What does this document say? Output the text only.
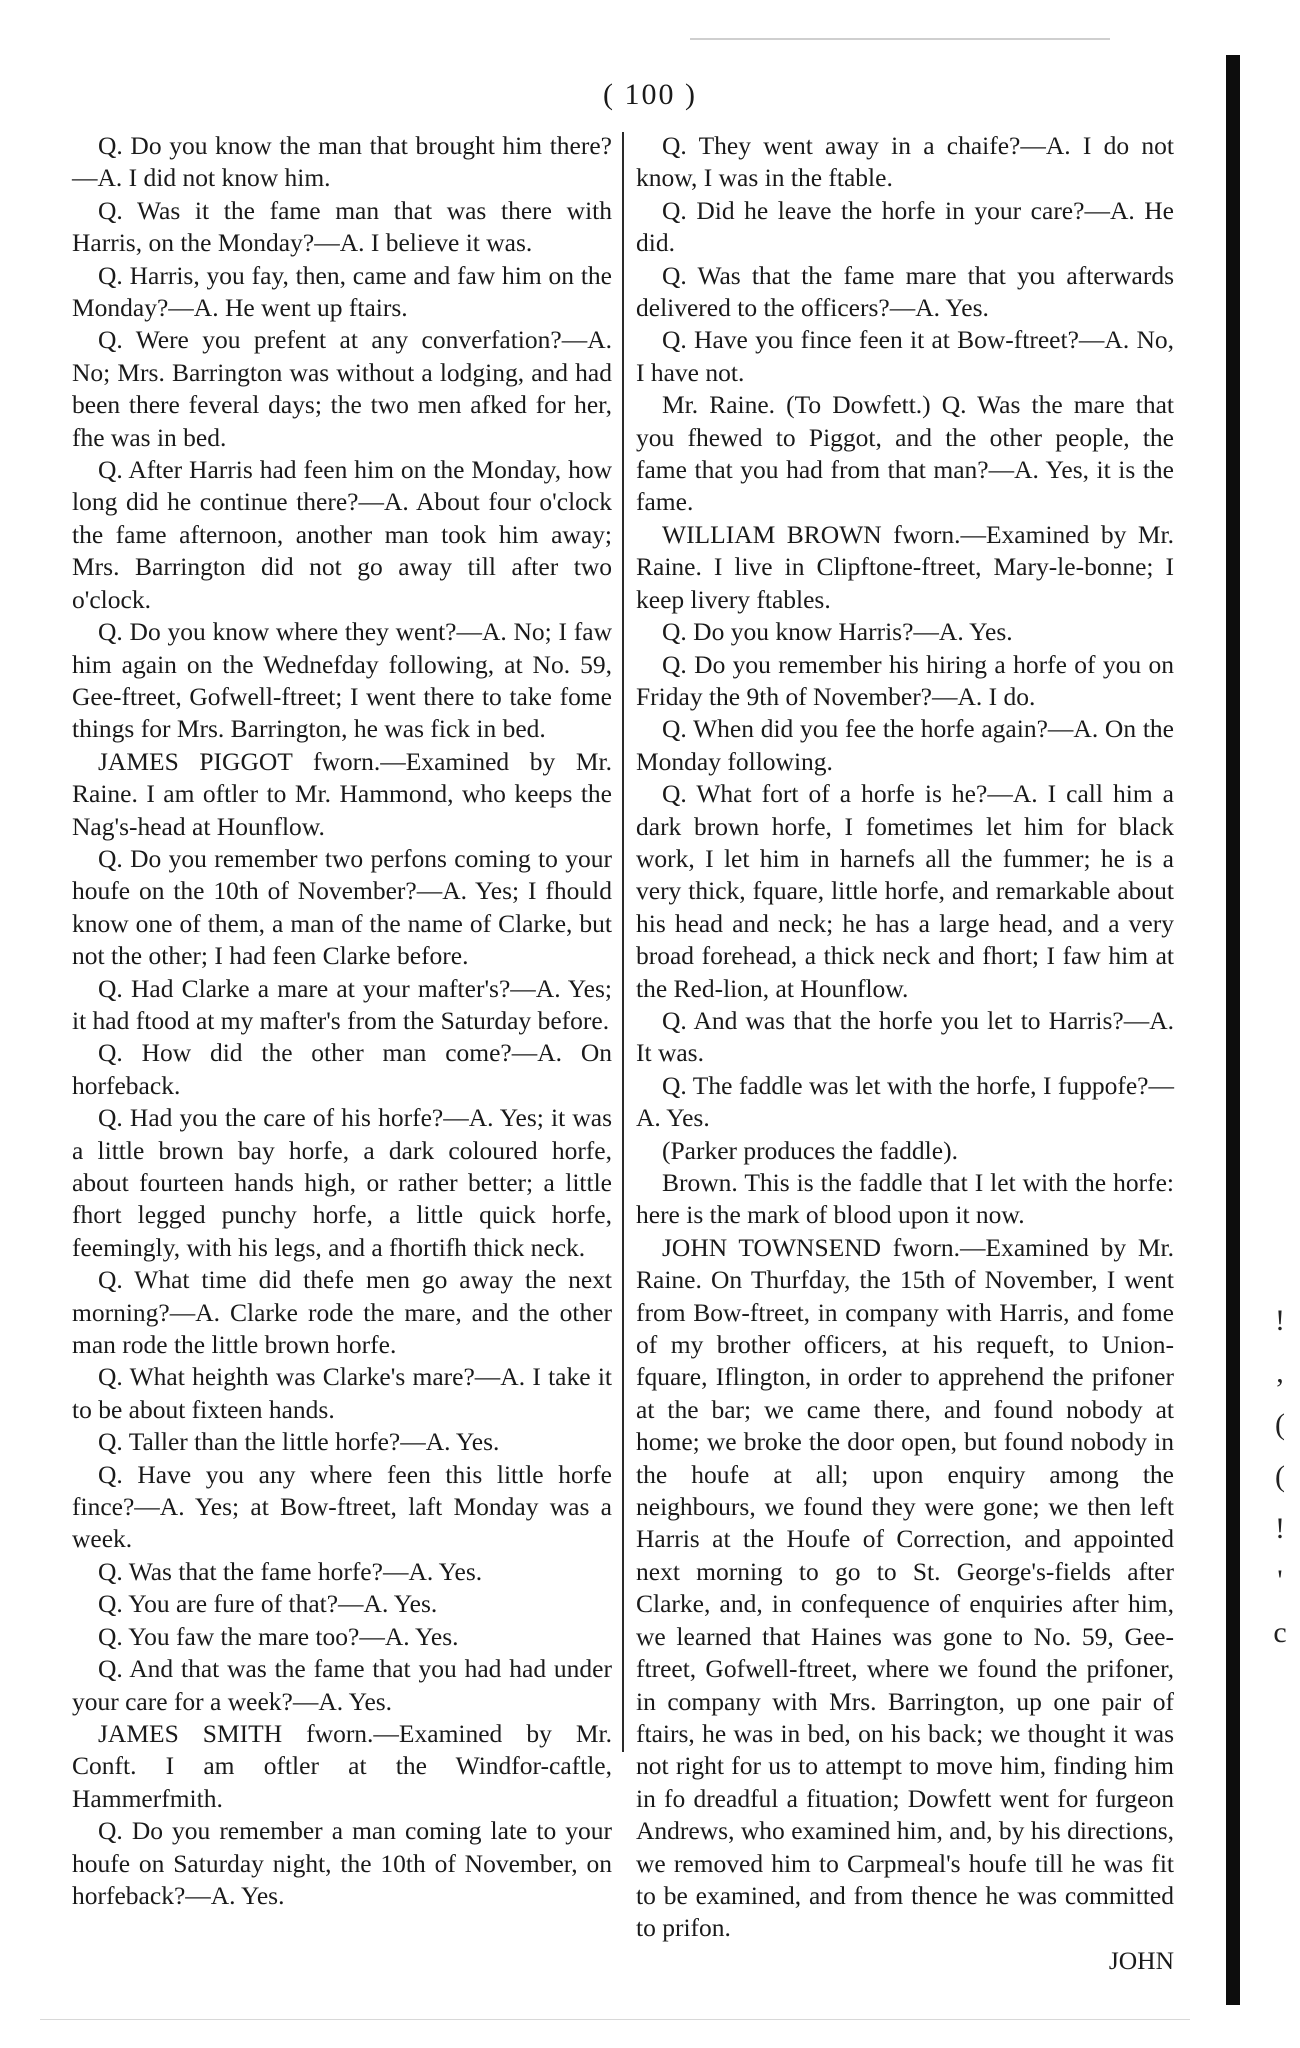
( 100 )

Q. Do you know the man that brought him there?—A. I did not know him.

Q. Was it the fame man that was there with Harris, on the Monday?—A. I believe it was.

Q. Harris, you fay, then, came and faw him on the Monday?—A. He went up ftairs.

Q. Were you prefent at any converfation?—A. No; Mrs. Barrington was without a lodging, and had been there feveral days; the two men afked for her, fhe was in bed.

Q. After Harris had feen him on the Monday, how long did he continue there?—A. About four o'clock the fame afternoon, another man took him away; Mrs. Barrington did not go away till after two o'clock.

Q. Do you know where they went?—A. No; I faw him again on the Wednefday following, at No. 59, Gee-ftreet, Gofwell-ftreet; I went there to take fome things for Mrs. Barrington, he was fick in bed.

JAMES PIGGOT fworn.—Examined by Mr. Raine. I am oftler to Mr. Hammond, who keeps the Nag's-head at Hounflow.

Q. Do you remember two perfons coming to your houfe on the 10th of November?—A. Yes; I fhould know one of them, a man of the name of Clarke, but not the other; I had feen Clarke before.

Q. Had Clarke a mare at your mafter's?—A. Yes; it had ftood at my mafter's from the Saturday before.

Q. How did the other man come?—A. On horfeback.

Q. Had you the care of his horfe?—A. Yes; it was a little brown bay horfe, a dark coloured horfe, about fourteen hands high, or rather better; a little fhort legged punchy horfe, a little quick horfe, feemingly, with his legs, and a fhortifh thick neck.

Q. What time did thefe men go away the next morning?—A. Clarke rode the mare, and the other man rode the little brown horfe.

Q. What heighth was Clarke's mare?—A. I take it to be about fixteen hands.

Q. Taller than the little horfe?—A. Yes.

Q. Have you any where feen this little horfe fince?—A. Yes; at Bow-ftreet, laft Monday was a week.

Q. Was that the fame horfe?—A. Yes.

Q. You are fure of that?—A. Yes.

Q. You faw the mare too?—A. Yes.

Q. And that was the fame that you had had under your care for a week?—A. Yes.

JAMES SMITH fworn.—Examined by Mr. Conft. I am oftler at the Windfor-caftle, Hammerfmith.

Q. Do you remember a man coming late to your houfe on Saturday night, the 10th of November, on horfeback?—A. Yes.

Q. They went away in a chaife?—A. I do not know, I was in the ftable.

Q. Did he leave the horfe in your care?—A. He did.

Q. Was that the fame mare that you afterwards delivered to the officers?—A. Yes.

Q. Have you fince feen it at Bow-ftreet?—A. No, I have not.

Mr. Raine. (To Dowfett.) Q. Was the mare that you fhewed to Piggot, and the other people, the fame that you had from that man?—A. Yes, it is the fame.

WILLIAM BROWN fworn.—Examined by Mr. Raine. I live in Clipftone-ftreet, Mary-le-bonne; I keep livery ftables.

Q. Do you know Harris?—A. Yes.

Q. Do you remember his hiring a horfe of you on Friday the 9th of November?—A. I do.

Q. When did you fee the horfe again?—A. On the Monday following.

Q. What fort of a horfe is he?—A. I call him a dark brown horfe, I fometimes let him for black work, I let him in harnefs all the fummer; he is a very thick, fquare, little horfe, and remarkable about his head and neck; he has a large head, and a very broad forehead, a thick neck and fhort; I faw him at the Red-lion, at Hounflow.

Q. And was that the horfe you let to Harris?—A. It was.

Q. The faddle was let with the horfe, I fuppofe?—A. Yes.

(Parker produces the faddle).

Brown. This is the faddle that I let with the horfe: here is the mark of blood upon it now.

JOHN TOWNSEND fworn.—Examined by Mr. Raine. On Thurfday, the 15th of November, I went from Bow-ftreet, in company with Harris, and fome of my brother officers, at his requeft, to Union-fquare, Iflington, in order to apprehend the prifoner at the bar; we came there, and found nobody at home; we broke the door open, but found nobody in the houfe at all; upon enquiry among the neighbours, we found they were gone; we then left Harris at the Houfe of Correction, and appointed next morning to go to St. George's-fields after Clarke, and, in confequence of enquiries after him, we learned that Haines was gone to No. 59, Gee-ftreet, Gofwell-ftreet, where we found the prifoner, in company with Mrs. Barrington, up one pair of ftairs, he was in bed, on his back; we thought it was not right for us to attempt to move him, finding him in fo dreadful a fituation; Dowfett went for furgeon Andrews, who examined him, and, by his directions, we removed him to Carpmeal's houfe till he was fit to be examined, and from thence he was committed to prifon.

JOHN

!
,
(
(
!
'
c
